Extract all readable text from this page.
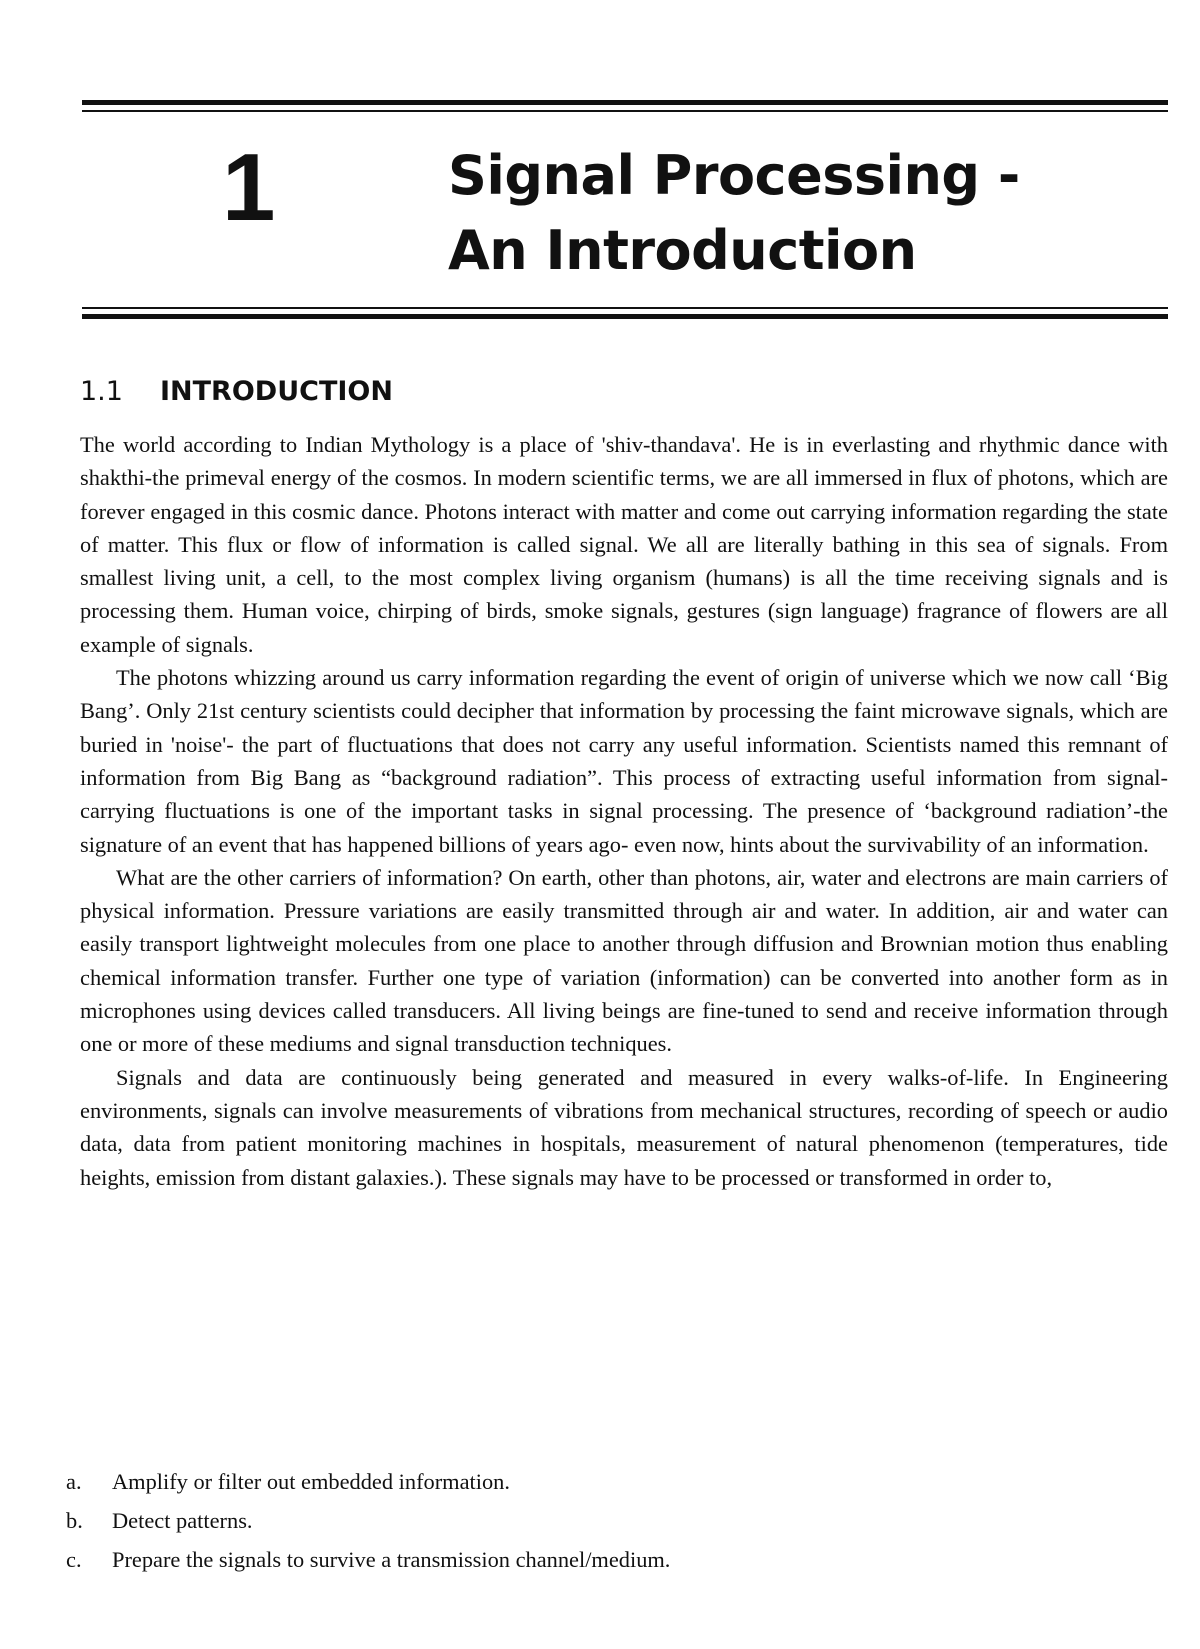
1	Signal Processing -
An Introduction
1.1 INTRODUCTION

The world according to Indian Mythology is a place of 'shiv-thandava'. He is in everlasting and rhythmic dance with shakthi-the primeval energy of the cosmos. In modern scientific terms, we are all immersed in flux of photons, which are forever engaged in this cosmic dance. Photons interact with matter and come out carrying information regarding the state of matter. This flux or flow of information is called signal. We all are literally bathing in this sea of signals. From smallest living unit, a cell, to the most complex living organism (humans) is all the time receiving signals and is processing them. Human voice, chirping of birds, smoke signals, gestures (sign language) fragrance of flowers are all example of signals.

The photons whizzing around us carry information regarding the event of origin of universe which we now call ‘Big Bang’. Only 21st century scientists could decipher that information by processing the faint microwave signals, which are buried in 'noise'- the part of fluctuations that does not carry any useful information. Scientists named this remnant of information from Big Bang as “background radiation”. This process of extracting useful information from signal-carrying fluctuations is one of the important tasks in signal processing. The presence of ‘background radiation’-the signature of an event that has happened billions of years ago- even now, hints about the survivability of an information.

What are the other carriers of information? On earth, other than photons, air, water and electrons are main carriers of physical information. Pressure variations are easily transmitted through air and water. In addition, air and water can easily transport lightweight molecules from one place to another through diffusion and Brownian motion thus enabling chemical information transfer. Further one type of variation (information) can be converted into another form as in microphones using devices called transducers. All living beings are fine-tuned to send and receive information through one or more of these mediums and signal transduction techniques.

Signals and data are continuously being generated and measured in every walks-of-life. In Engineering environments, signals can involve measurements of vibrations from mechanical structures, recording of speech or audio data, data from patient monitoring machines in hospitals, measurement of natural phenomenon (temperatures, tide heights, emission from distant galaxies.). These signals may have to be processed or transformed in order to,

a.	Amplify or filter out embedded information.
b.	Detect patterns.
c.	Prepare the signals to survive a transmission channel/medium.
